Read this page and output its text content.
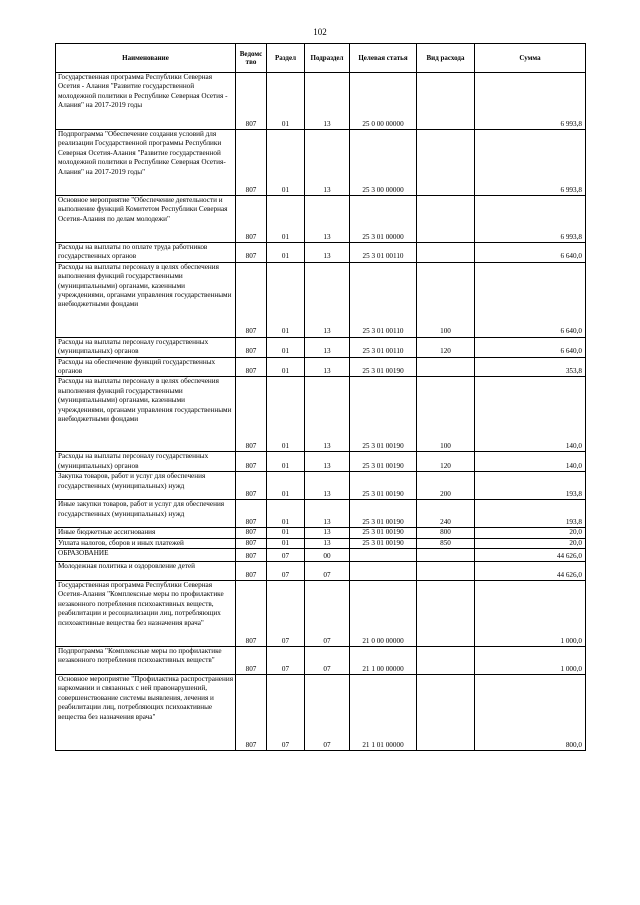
102
Наименование	Ведомс тво	Раздел	Подраздел	Целевая статья	Вид расхода	Сумма
Государственная программа Республики Северная Осетия - Алания "Развитие государственной молодежной политики в Республике Северная Осетия - Алания" на 2017-2019 годы	807	01	13	25 0 00 00000		6 993,8
Подпрограмма "Обеспечение создания условий для реализации Государственной программы Республики Северная Осетия-Алания "Развитие государственной молодежной политики в Республике Северная Осетия-Алания" на 2017-2019 годы"	807	01	13	25 3 00 00000		6 993,8
Основное мероприятие "Обеспечение деятельности и выполнение функций Комитетом Республики Северная Осетия-Алания по делам молодежи"	807	01	13	25 3 01 00000		6 993,8
Расходы на выплаты по оплате труда работников государственных органов	807	01	13	25 3 01 00110		6 640,0
Расходы на выплаты персоналу в целях обеспечения выполнения функций государственными (муниципальными) органами, казенными учреждениями, органами управления государственными внебюджетными фондами	807	01	13	25 3 01 00110	100	6 640,0
Расходы на выплаты персоналу государственных (муниципальных) органов	807	01	13	25 3 01 00110	120	6 640,0
Расходы на обеспечение функций государственных органов	807	01	13	25 3 01 00190		353,8
Расходы на выплаты персоналу в целях обеспечения выполнения функций государственными (муниципальными) органами, казенными учреждениями, органами управления государственными внебюджетными фондами	807	01	13	25 3 01 00190	100	140,0
Расходы на выплаты персоналу государственных (муниципальных) органов	807	01	13	25 3 01 00190	120	140,0
Закупка товаров, работ и услуг для обеспечения государственных (муниципальных) нужд	807	01	13	25 3 01 00190	200	193,8
Иные закупки товаров, работ и услуг для обеспечения государственных (муниципальных) нужд	807	01	13	25 3 01 00190	240	193,8
Иные бюджетные ассигнования	807	01	13	25 3 01 00190	800	20,0
Уплата налогов, сборов и иных платежей	807	01	13	25 3 01 00190	850	20,0
ОБРАЗОВАНИЕ	807	07	00			44 626,0
Молодежная политика и оздоровление детей	807	07	07			44 626,0
Государственная программа Республики Северная Осетия-Алания "Комплексные меры по профилактике незаконного потребления психоактивных веществ, реабилитации и ресоциализации лиц, потребляющих психоактивные вещества без назначения врача"	807	07	07	21 0 00 00000		1 000,0
Подпрограмма "Комплексные меры по профилактике незаконного потребления психоактивных веществ"	807	07	07	21 1 00 00000		1 000,0
Основное мероприятие "Профилактика распространения наркомании и связанных с ней правонарушений, совершенствование системы выявления, лечения и реабилитации лиц, потребляющих психоактивные вещества без назначения врача"	807	07	07	21 1 01 00000		800,0
